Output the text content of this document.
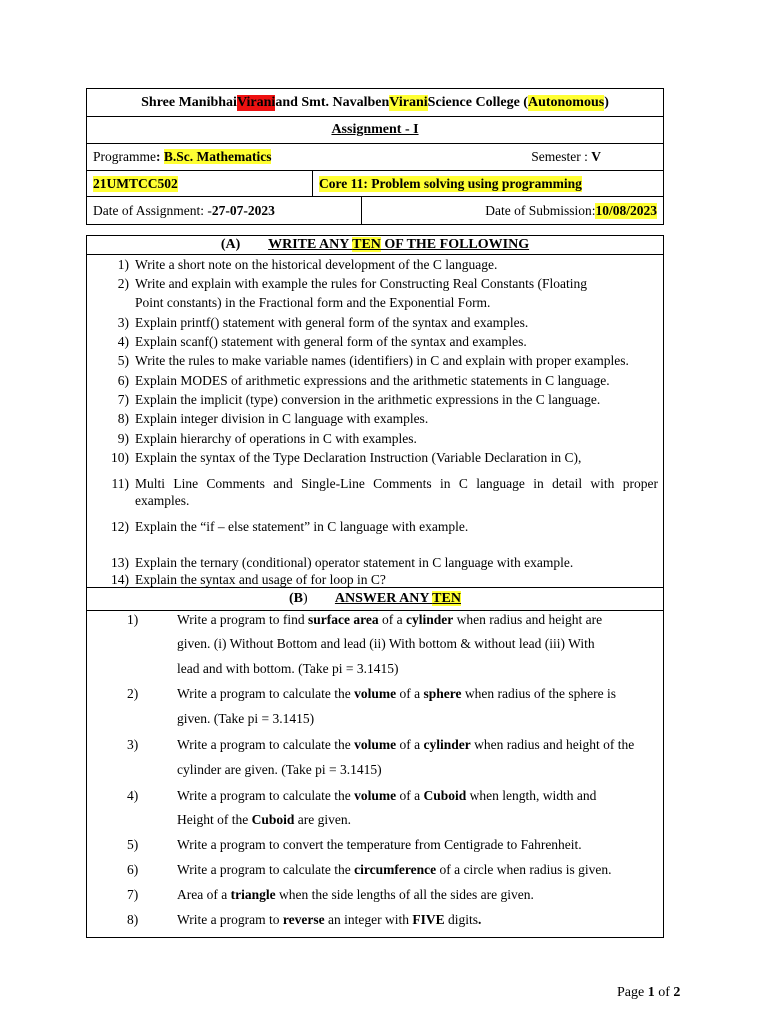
Shree Manibhai Virani and Smt. Navalben Virani Science College ( Autonomous )
Assignment - I
Programme: B.Sc. Mathematics	Semester : V
21UMTCC502	Core 11: Problem solving using programming
Date of Assignment: - 27-07-2023	Date of Submission: 10/08/2023
(A) WRITE ANY TEN OF THE FOLLOWING
1) Write a short note on the historical development of the C language.
2) Write and explain with example the rules for Constructing Real Constants (Floating
Point constants) in the Fractional form and the Exponential Form.
3) Explain printf() statement with general form of the syntax and examples.
4) Explain scanf() statement with general form of the syntax and examples.
5) Write the rules to make variable names (identifiers) in C and explain with proper examples.
6) Explain MODES of arithmetic expressions and the arithmetic statements in C language.
7) Explain the implicit (type) conversion in the arithmetic expressions in the C language.
8) Explain integer division in C language with examples.
9) Explain hierarchy of operations in C with examples.
10) Explain the syntax of the Type Declaration Instruction (Variable Declaration in C),
11) Multi Line Comments and Single-Line Comments in C language in detail with proper
examples.
12) Explain the “if – else statement” in C language with example.
13) Explain the ternary (conditional) operator statement in C language with example.
14) Explain the syntax and usage of for loop in C?
(B) ANSWER ANY TEN
1)	Write a program to find surface area of a cylinder when radius and height are
given. (i) Without Bottom and lead (ii) With bottom & without lead (iii) With
lead and with bottom. (Take pi = 3.1415)
2)	Write a program to calculate the volume of a sphere when radius of the sphere is
given. (Take pi = 3.1415)
3)	Write a program to calculate the volume of a cylinder when radius and height of the
cylinder are given. (Take pi = 3.1415)
4)	Write a program to calculate the volume of a Cuboid when length, width and
Height of the Cuboid are given.
5)	Write a program to convert the temperature from Centigrade to Fahrenheit.
6)	Write a program to calculate the circumference of a circle when radius is given.
7)	Area of a triangle when the side lengths of all the sides are given.
8)	Write a program to reverse an integer with FIVE digits.
Page 1 of 2
